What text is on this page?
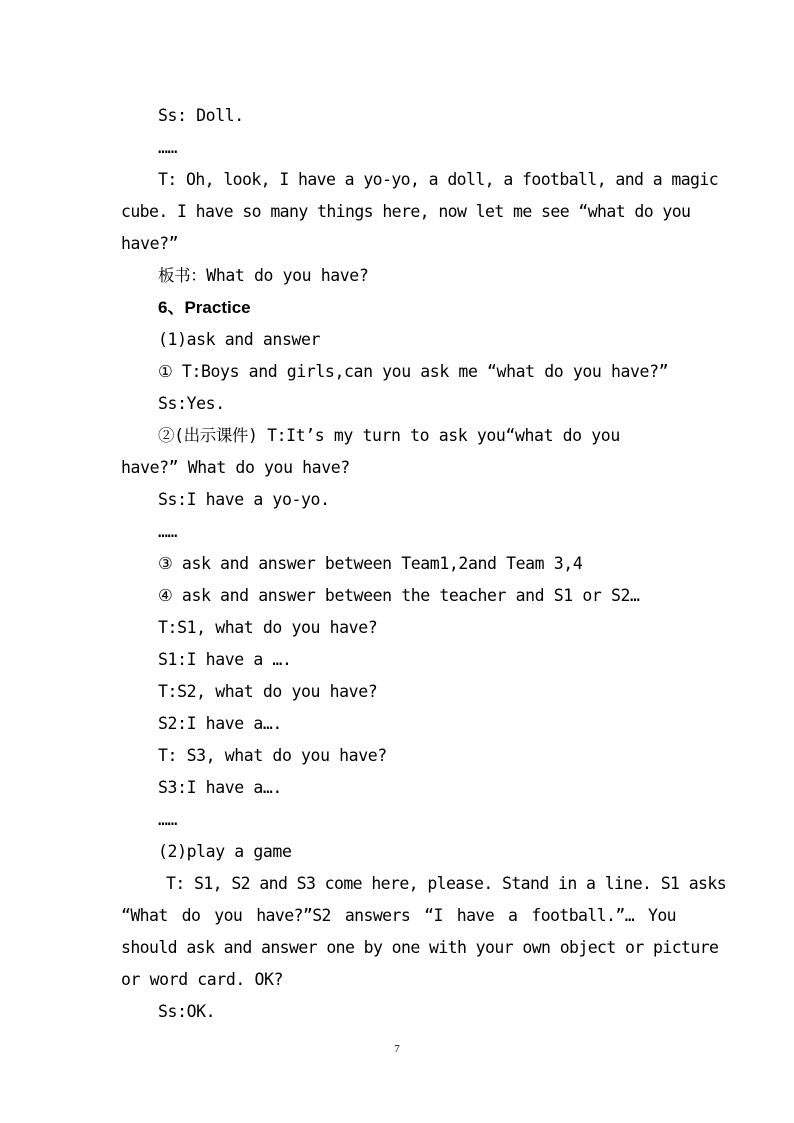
Ss: Doll.
……
T: Oh, look, I have a yo-yo, a doll, a football, and a magic
cube. I have so many things here, now let me see “what do you
have?”
板书：What do you have?
6、Practice
(1)ask and answer
① T:Boys and girls,can you ask me “what do you have?”
Ss:Yes.
②(出示课件) T:It’s my turn to ask you“what do you
have?” What do you have?
Ss:I have a yo-yo.
……
③ ask and answer between Team1,2and Team 3,4
④ ask and answer between the teacher and S1 or S2…
T:S1, what do you have?
S1:I have a ….
T:S2, what do you have?
S2:I have a….
T: S3, what do you have?
S3:I have a….
……
(2)play a game
T: S1, S2 and S3 come here, please. Stand in a line. S1 asks
“What do you have?”S2 answers “I have a football.”… You
should ask and answer one by one with your own object or picture
or word card. OK?
Ss:OK.
7
